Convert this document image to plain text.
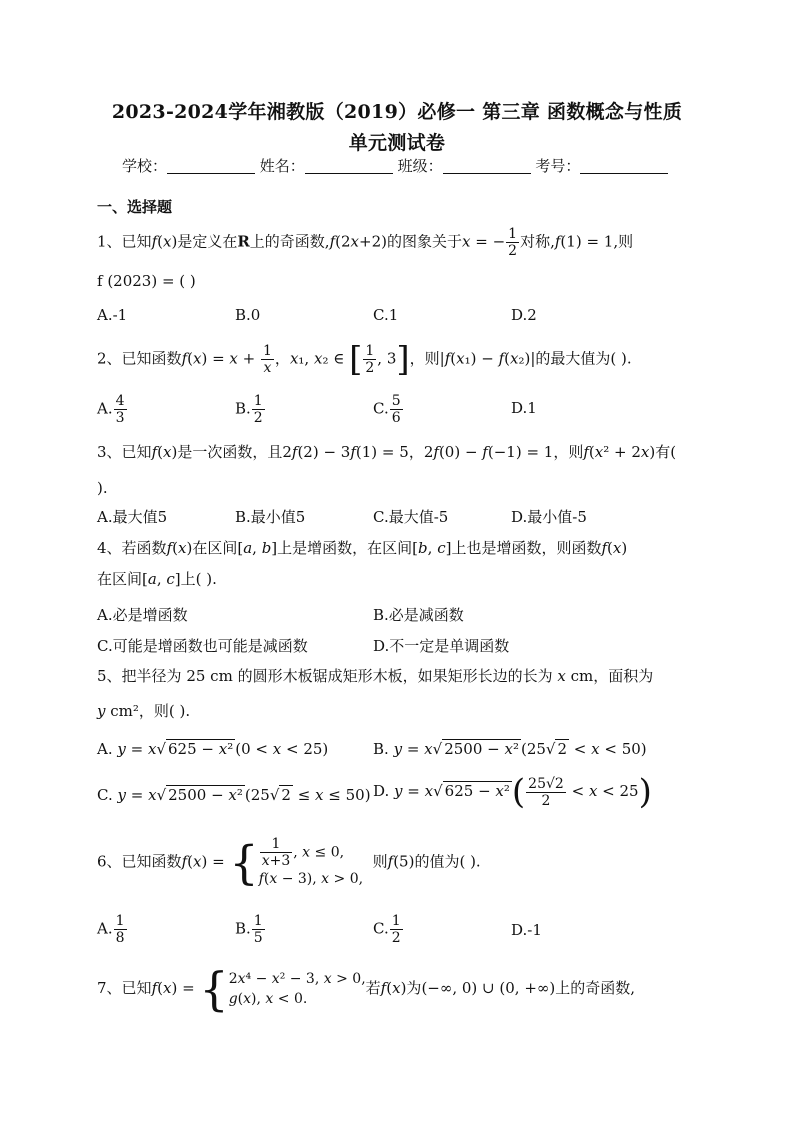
2023-2024学年湘教版（2019）必修一 第三章 函数概念与性质
单元测试卷
学校：	姓名：	班级：	考号：
一、选择题
1、已知f(x)是定义在R上的奇函数,f(2x+2)的图象关于x = − $\frac{1}{2}$ 对称,f(1) = 1,则
f (2023) = ( )
A.-1	B.0	C.1	D.2
2、已知函数$f(x) = x + \frac{1}{x}$ ，x₁, x₂ ∈ [ $\frac{1}{2}$ , 3]，则|f(x₁) − f(x₂)|的最大值为( ).
A. $\frac{4}{3}$	B. $\frac{1}{2}$	C. $\frac{5}{6}$	D.1
3、已知f(x)是一次函数，且2f(2) − 3f(1) = 5，2f(0) − f(−1) = 1，则f(x² + 2x)有(
).
A.最大值5	B.最小值5	C.最大值-5	D.最小值-5
4、若函数f(x)在区间[a, b]上是增函数，在区间[b, c]上也是增函数，则函数f(x)
在区间[a, c]上( ).
A.必是增函数	B.必是减函数
C.可能是增函数也可能是减函数	D.不一定是单调函数
5、把半径为 25 cm 的圆形木板锯成矩形木板，如果矩形长边的长为 x cm，面积为
y cm²，则( ).
A. y = x√ 625 − x² (0 < x < 25)	B. y = x√ 2500 − x² (25√ 2 < x < 50)
C. y = x√ 2500 − x² (25√ 2 ≤ x ≤ 50) D. y = x√ $625 - x^2( \frac{25√2}{2} < x < 25)$
6、已知函数f(x) = { $\frac{1}{x+3}$ , x ≤ 0,
f(x − 3), x > 0,  则f(5)的值为( ).
A. $\frac{1}{8}$	B. $\frac{1}{5}$	C. $\frac{1}{2}$	D.-1
7、已知f(x) = {2x⁴ − x² − 3, x > 0,
g(x), x < 0.若f(x)为(−∞, 0) ∪ (0, +∞)上的奇函数,
